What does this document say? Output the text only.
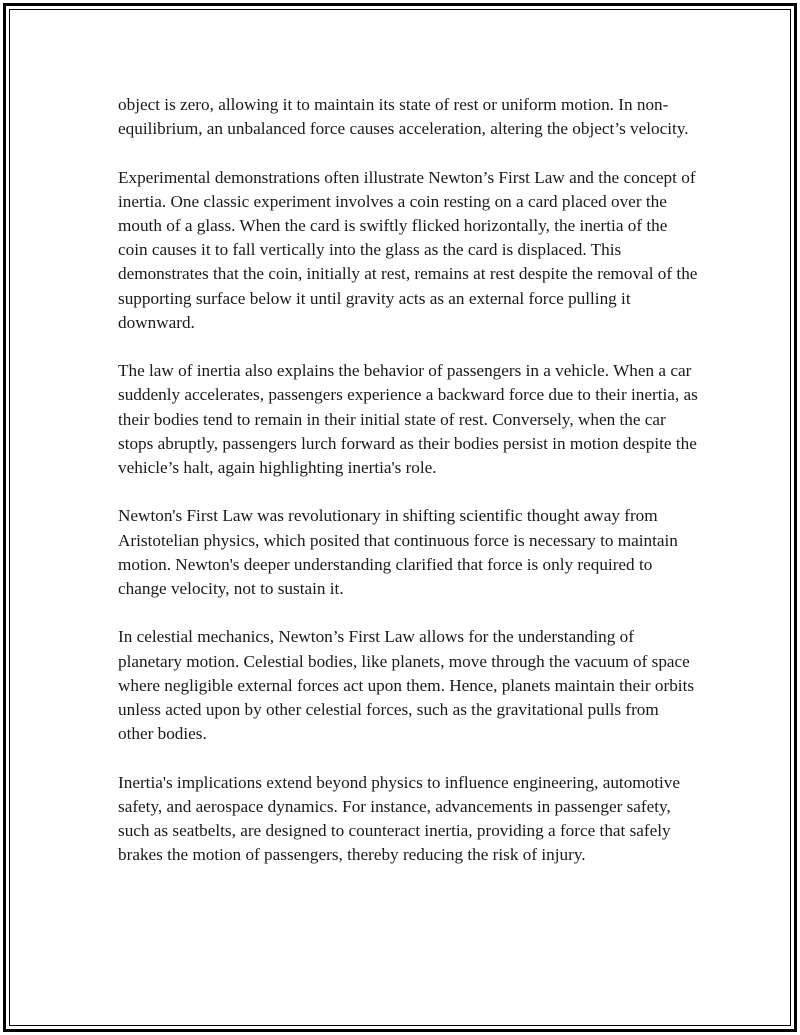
object is zero, allowing it to maintain its state of rest or uniform motion. In non-equilibrium, an unbalanced force causes acceleration, altering the object’s velocity.

Experimental demonstrations often illustrate Newton’s First Law and the concept of inertia. One classic experiment involves a coin resting on a card placed over the mouth of a glass. When the card is swiftly flicked horizontally, the inertia of the coin causes it to fall vertically into the glass as the card is displaced. This demonstrates that the coin, initially at rest, remains at rest despite the removal of the supporting surface below it until gravity acts as an external force pulling it downward.

The law of inertia also explains the behavior of passengers in a vehicle. When a car suddenly accelerates, passengers experience a backward force due to their inertia, as their bodies tend to remain in their initial state of rest. Conversely, when the car stops abruptly, passengers lurch forward as their bodies persist in motion despite the vehicle’s halt, again highlighting inertia's role.

Newton's First Law was revolutionary in shifting scientific thought away from Aristotelian physics, which posited that continuous force is necessary to maintain motion. Newton's deeper understanding clarified that force is only required to change velocity, not to sustain it.

In celestial mechanics, Newton’s First Law allows for the understanding of planetary motion. Celestial bodies, like planets, move through the vacuum of space where negligible external forces act upon them. Hence, planets maintain their orbits unless acted upon by other celestial forces, such as the gravitational pulls from other bodies.

Inertia's implications extend beyond physics to influence engineering, automotive safety, and aerospace dynamics. For instance, advancements in passenger safety, such as seatbelts, are designed to counteract inertia, providing a force that safely brakes the motion of passengers, thereby reducing the risk of injury.
